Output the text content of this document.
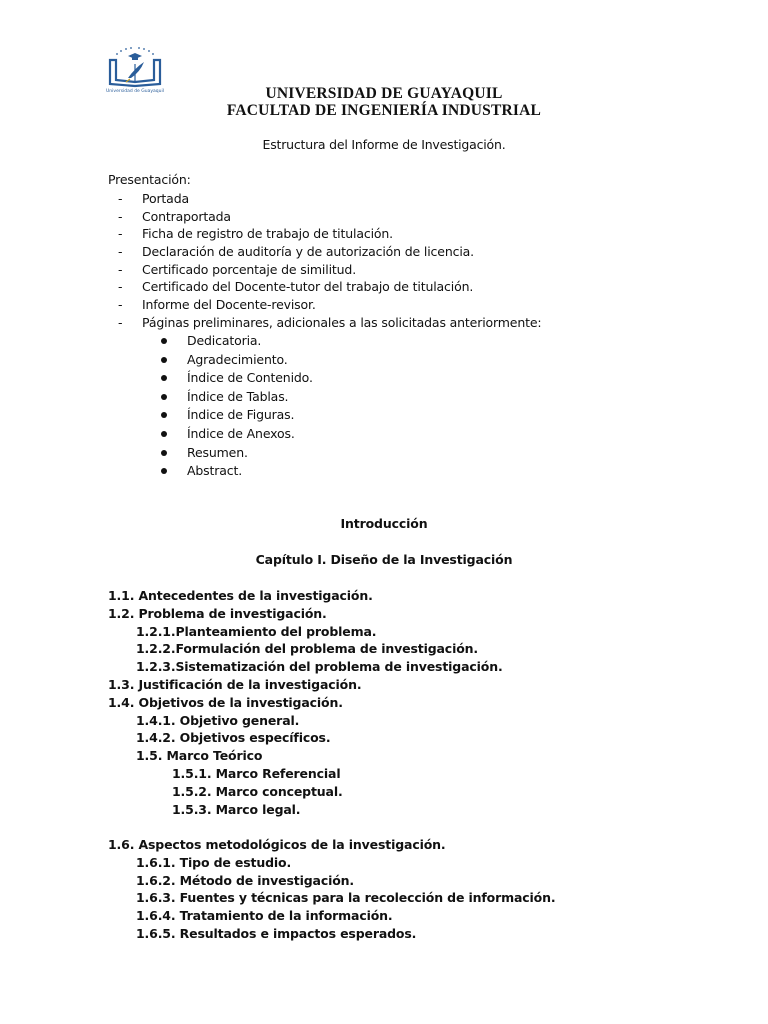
Universidad de Guayaquil	UNIVERSIDAD DE GUAYAQUIL
FACULTAD DE INGENIERÍA INDUSTRIAL
Estructura del Informe de Investigación.
Presentación:
- Portada
- Contraportada
- Ficha de registro de trabajo de titulación.
- Declaración de auditoría y de autorización de licencia.
- Certificado porcentaje de similitud.
- Certificado del Docente-tutor del trabajo de titulación.
- Informe del Docente-revisor.
- Páginas preliminares, adicionales a las solicitadas anteriormente:
Dedicatoria.
Agradecimiento.
Índice de Contenido.
Índice de Tablas.
Índice de Figuras.
Índice de Anexos.
Resumen.
Abstract.
Introducción
Capítulo I. Diseño de la Investigación
1.1. Antecedentes de la investigación.
1.2. Problema de investigación.
1.2.1.Planteamiento del problema.
1.2.2.Formulación del problema de investigación.
1.2.3.Sistematización del problema de investigación.
1.3. Justificación de la investigación.
1.4. Objetivos de la investigación.
1.4.1. Objetivo general.
1.4.2. Objetivos específicos.
1.5. Marco Teórico
1.5.1. Marco Referencial
1.5.2. Marco conceptual.
1.5.3. Marco legal.
1.6. Aspectos metodológicos de la investigación.
1.6.1. Tipo de estudio.
1.6.2. Método de investigación.
1.6.3. Fuentes y técnicas para la recolección de información.
1.6.4. Tratamiento de la información.
1.6.5. Resultados e impactos esperados.
